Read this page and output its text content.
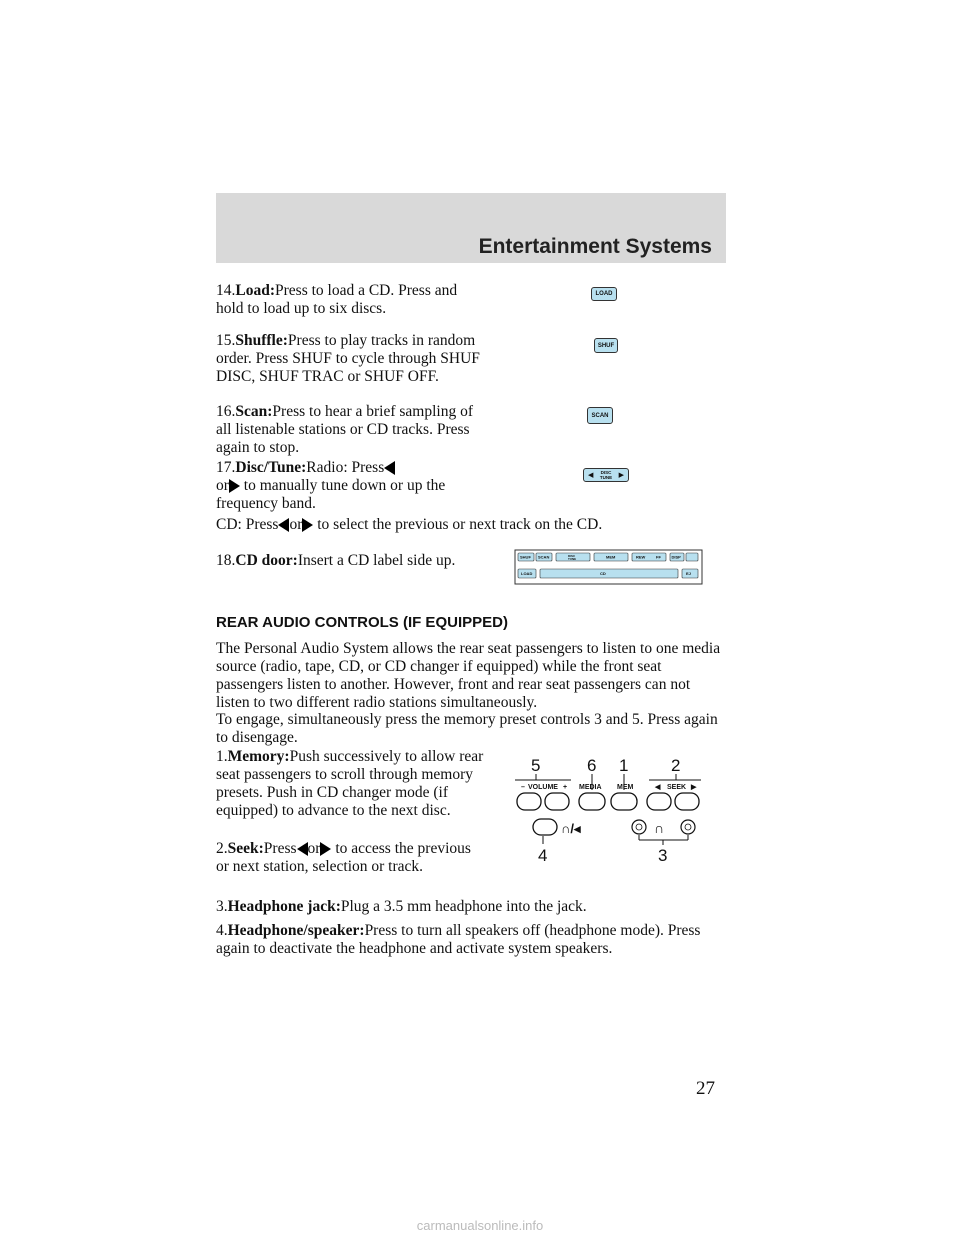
Entertainment Systems
14.Load:Press to load a CD. Press and hold to load up to six discs.
LOAD
15.Shuffle:Press to play tracks in random order. Press SHUF to cycle through SHUF DISC, SHUF TRAC or SHUF OFF.
SHUF
16.Scan:Press to hear a brief sampling of all listenable stations or CD tracks. Press again to stop.
SCAN
17.Disc/Tune:Radio: Press
or to manually tune down or up the frequency band.
CD: Press or to select the previous or next track on the CD.
◀ DISC
TUNE ▶
18.CD door:Insert a CD label side up.	SHUF SCAN	DISC
TUNE	MEM	REW	FF	DISP
LOAD	CD	EJ
REAR AUDIO CONTROLS (IF EQUIPPED)
The Personal Audio System allows the rear seat passengers to listen to one media source (radio, tape, CD, or CD changer if equipped) while the front seat passengers listen to another. However, front and rear seat passengers can not listen to two different radio stations simultaneously.
To engage, simultaneously press the memory preset controls 3 and 5. Press again to disengage.
1.Memory:Push successively to allow rear seat passengers to scroll through memory presets. Push in CD changer mode (if equipped) to advance to the next disc.
2.Seek:Press or to access the previous or next station, selection or track.
3.Headphone jack:Plug a 3.5 mm headphone into the jack.
4.Headphone/speaker:Press to turn all speakers off (headphone mode). Press again to deactivate the headphone and activate system speakers.
5	6 1	2
– VOLUME + MEDIA MEM	◀ SEEK ▶
∩/◂	∩
4	3
27
carmanualsonline.info
